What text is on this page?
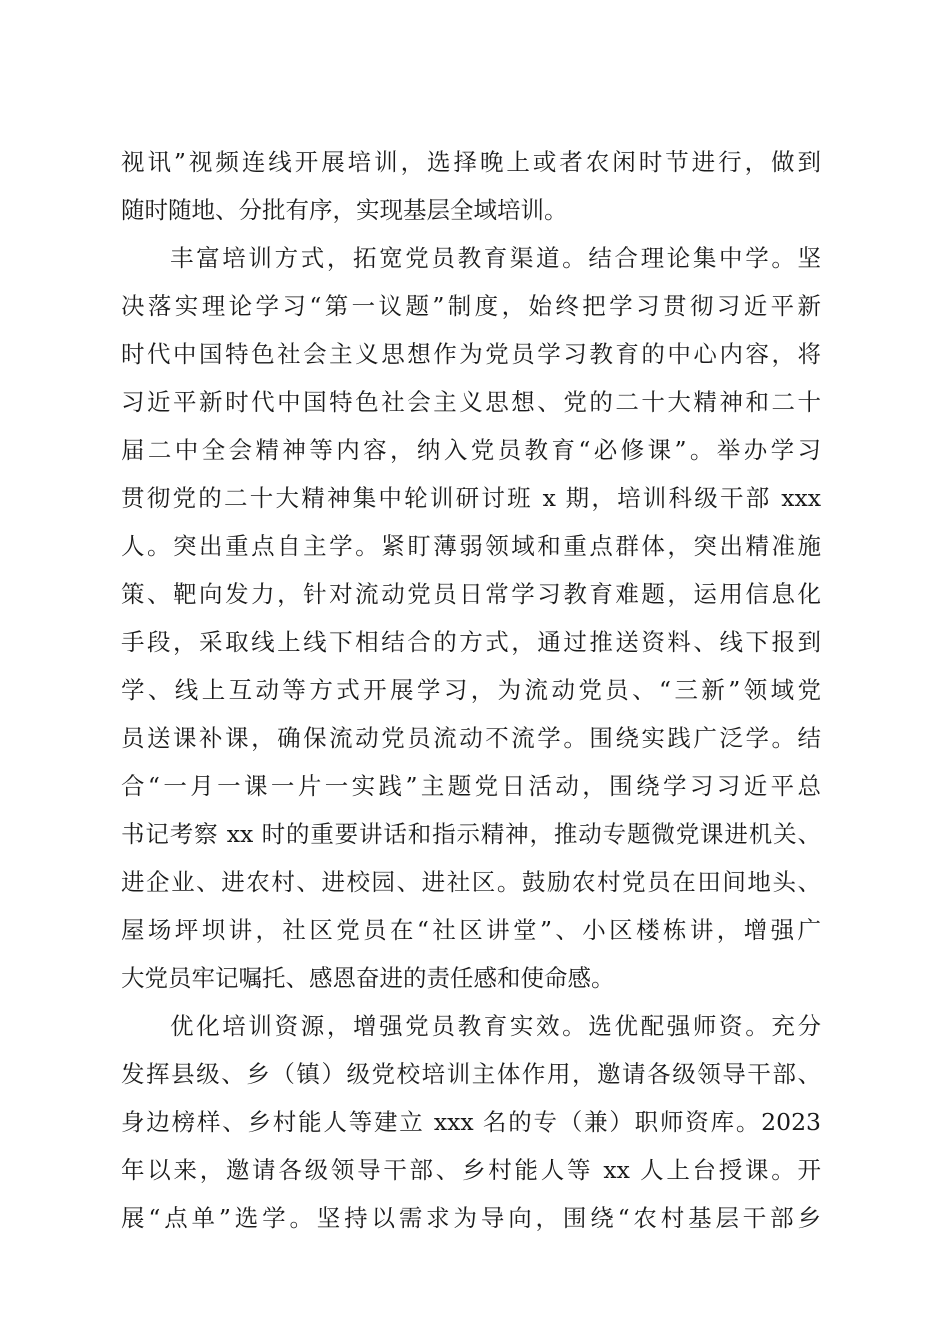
视讯”视频连线开展培训，选择晚上或者农闲时节进行，做到
随时随地、分批有序，实现基层全域培训。
丰富培训方式，拓宽党员教育渠道。结合理论集中学。坚
决落实理论学习“第一议题”制度，始终把学习贯彻习近平新
时代中国特色社会主义思想作为党员学习教育的中心内容，将
习近平新时代中国特色社会主义思想、党的二十大精神和二十
届二中全会精神等内容，纳入党员教育“必修课”。举办学习
贯彻党的二十大精神集中轮训研讨班 x 期，培训科级干部 xxx
人。突出重点自主学。紧盯薄弱领域和重点群体，突出精准施
策、靶向发力，针对流动党员日常学习教育难题，运用信息化
手段，采取线上线下相结合的方式，通过推送资料、线下报到
学、线上互动等方式开展学习，为流动党员、“三新”领域党
员送课补课，确保流动党员流动不流学。围绕实践广泛学。结
合“一月一课一片一实践”主题党日活动，围绕学习习近平总
书记考察 xx 时的重要讲话和指示精神，推动专题微党课进机关、
进企业、进农村、进校园、进社区。鼓励农村党员在田间地头、
屋场坪坝讲，社区党员在“社区讲堂”、小区楼栋讲，增强广
大党员牢记嘱托、感恩奋进的责任感和使命感。
优化培训资源，增强党员教育实效。选优配强师资。充分
发挥县级、乡（镇）级党校培训主体作用，邀请各级领导干部、
身边榜样、乡村能人等建立 xxx 名的专（兼）职师资库。2023
年以来，邀请各级领导干部、乡村能人等 xx 人上台授课。开
展“点单”选学。坚持以需求为导向，围绕“农村基层干部乡
